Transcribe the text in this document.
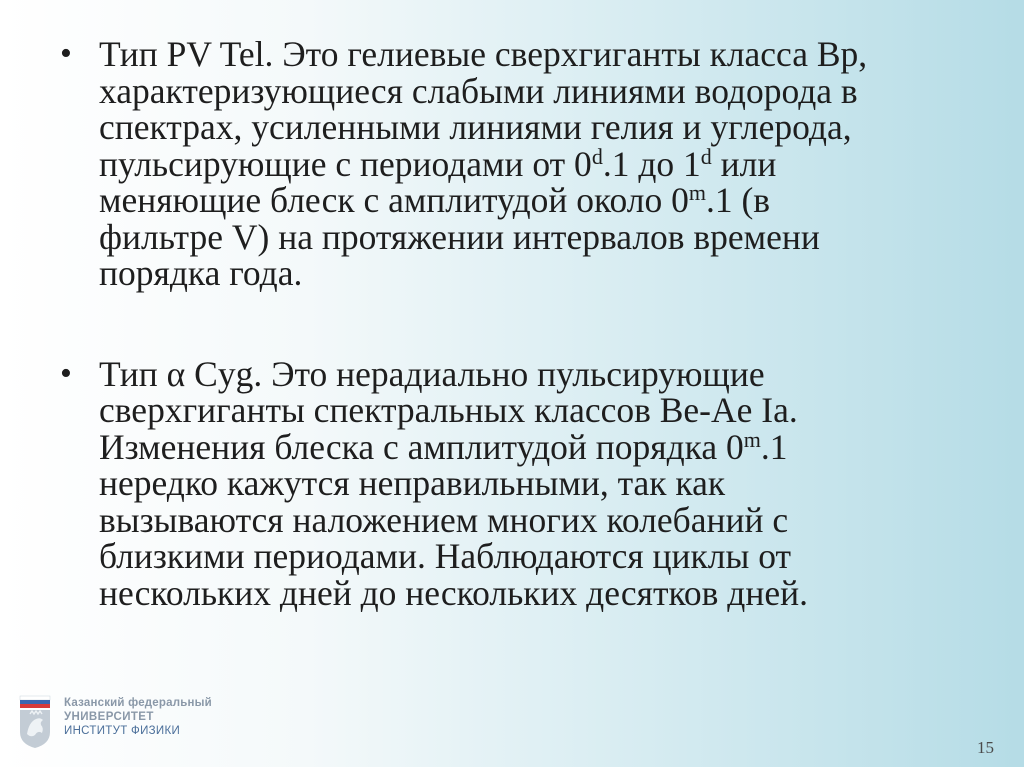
• Тип PV Tel. Это гелиевые сверхгиганты класса Bp,
характеризующиеся слабыми линиями водорода в
спектрах, усиленными линиями гелия и углерода,
пульсирующие с периодами от 0$^d$.1 до 1$^d$ или
меняющие блеск с амплитудой около 0$^m$.1 (в
фильтре V) на протяжении интервалов времени
порядка года.
• Тип α Cyg. Это нерадиально пульсирующие
сверхгиганты спектральных классов Be-Ae Ia.
Изменения блеска с амплитудой порядка 0$^m$.1
нередко кажутся неправильными, так как
вызываются наложением многих колебаний с
близкими периодами. Наблюдаются циклы от
нескольких дней до нескольких десятков дней.
Казанский федеральный
УНИВЕРСИТЕТ
ИНСТИТУТ ФИЗИКИ
15
